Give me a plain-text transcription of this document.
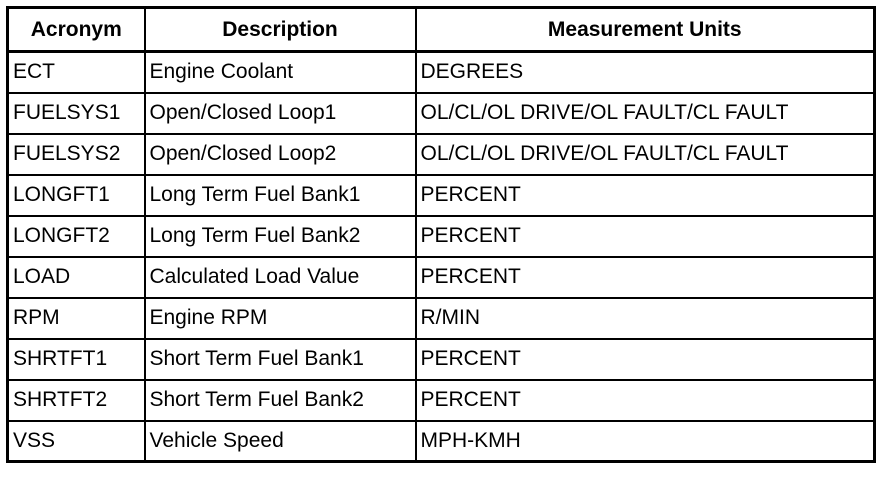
Acronym	Description	Measurement Units
ECT	Engine Coolant	DEGREES
FUELSYS1	Open/Closed Loop1	OL/CL/OL DRIVE/OL FAULT/CL FAULT
FUELSYS2	Open/Closed Loop2	OL/CL/OL DRIVE/OL FAULT/CL FAULT
LONGFT1	Long Term Fuel Bank1	PERCENT
LONGFT2	Long Term Fuel Bank2	PERCENT
LOAD	Calculated Load Value	PERCENT
RPM	Engine RPM	R/MIN
SHRTFT1	Short Term Fuel Bank1	PERCENT
SHRTFT2	Short Term Fuel Bank2	PERCENT
VSS	Vehicle Speed	MPH-KMH
